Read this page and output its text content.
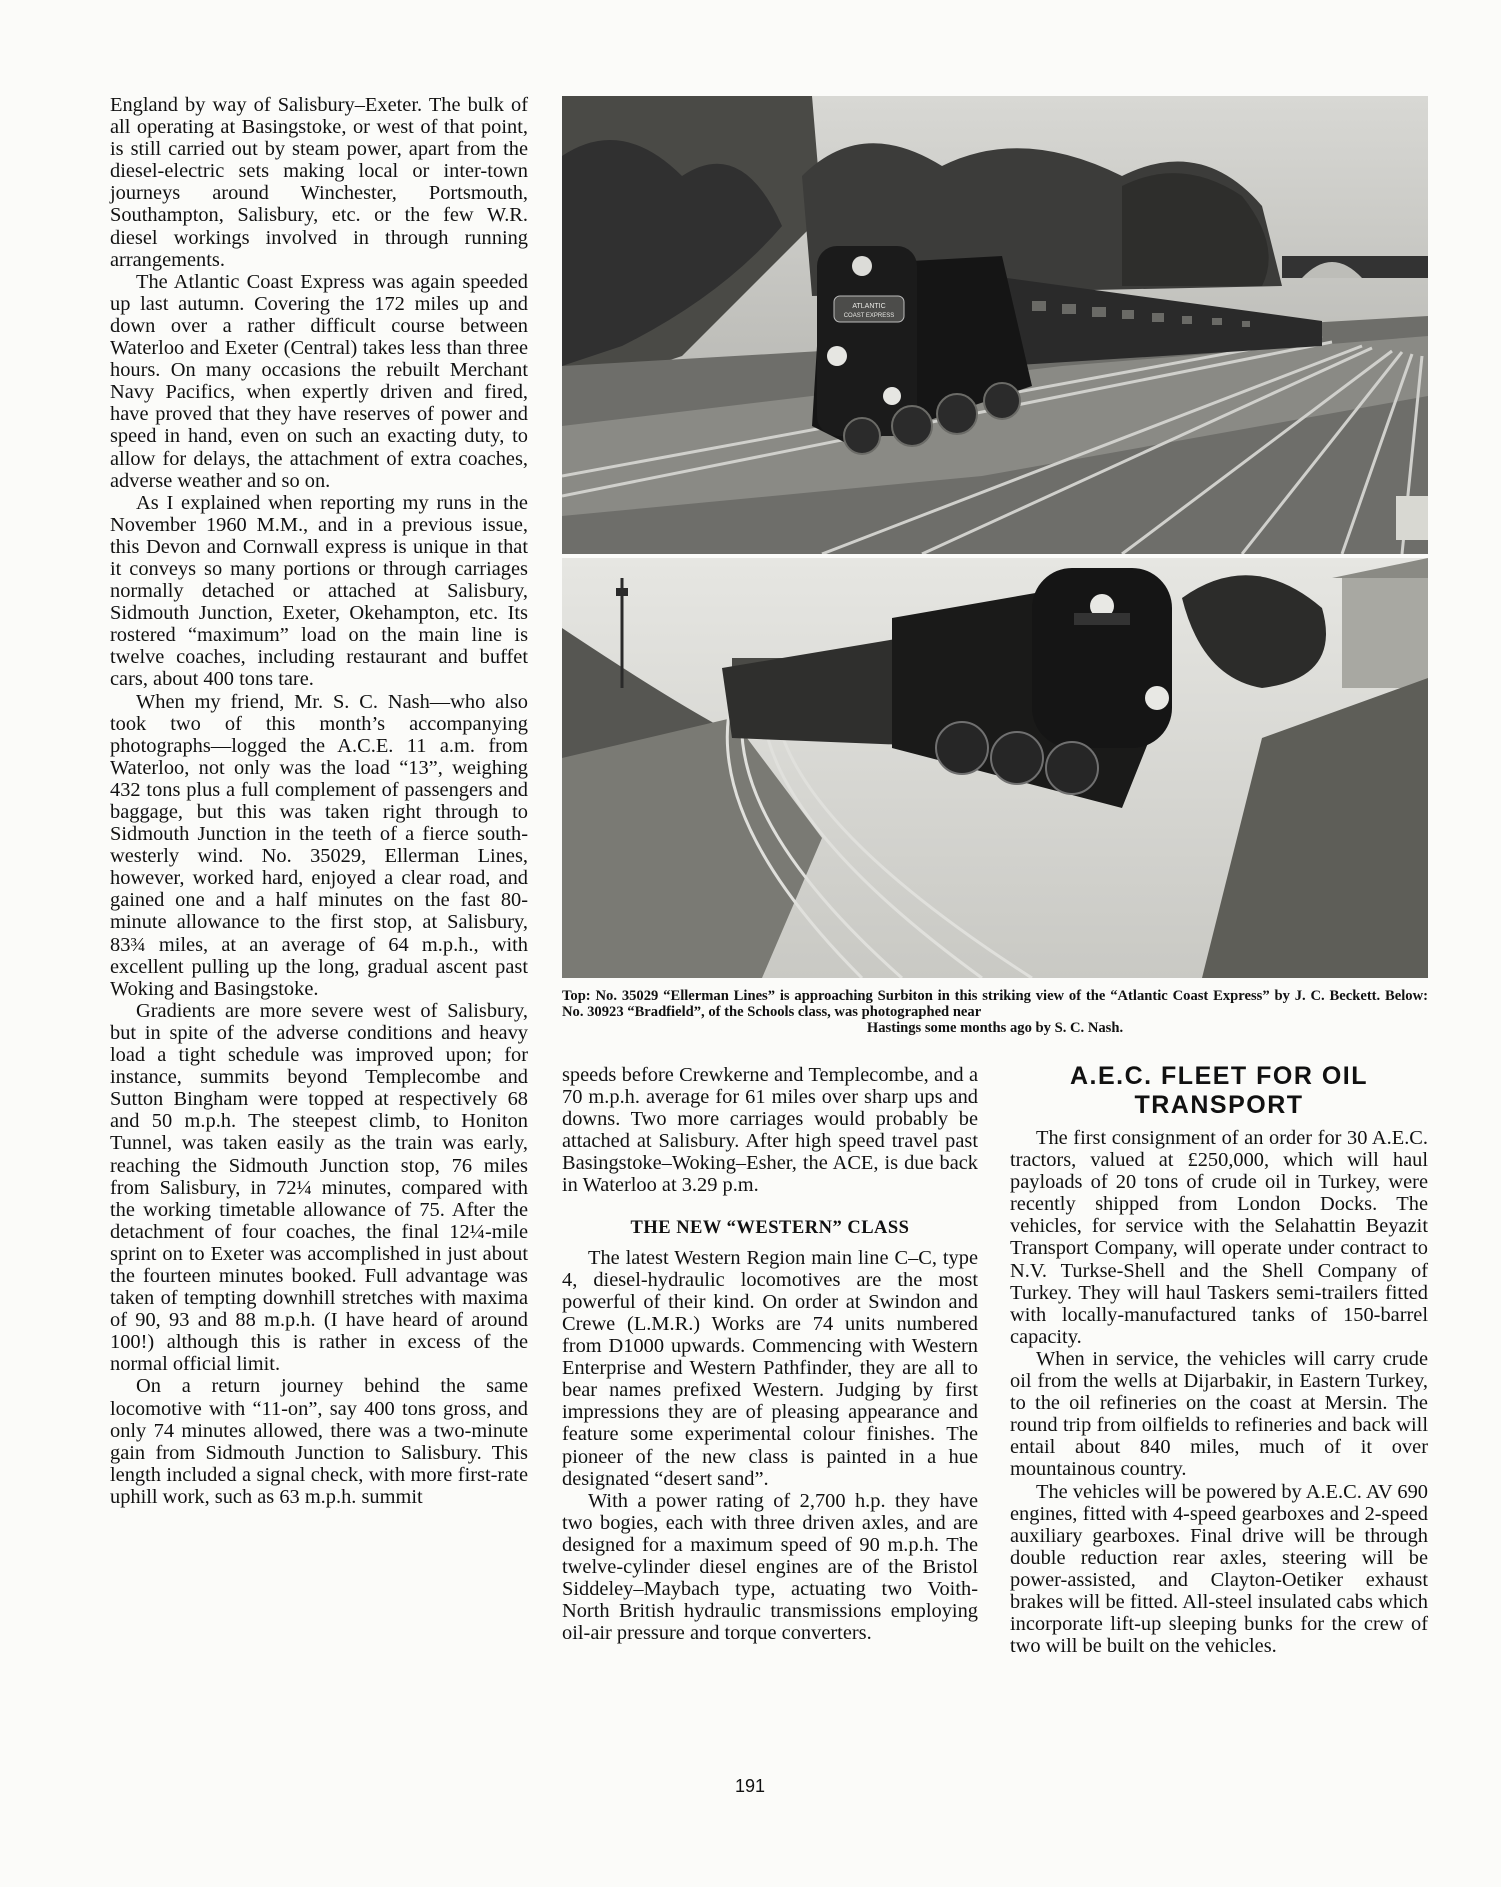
England by way of Salisbury–Exeter. The bulk of all operating at Basingstoke, or west of that point, is still carried out by steam power, apart from the diesel-electric sets making local or inter-town journeys around Winchester, Portsmouth, Southampton, Salisbury, etc. or the few W.R. diesel workings involved in through running arrangements.

The Atlantic Coast Express was again speeded up last autumn. Covering the 172 miles up and down over a rather difficult course between Waterloo and Exeter (Central) takes less than three hours. On many occasions the rebuilt Merchant Navy Pacifics, when expertly driven and fired, have proved that they have reserves of power and speed in hand, even on such an exacting duty, to allow for delays, the attachment of extra coaches, adverse weather and so on.

As I explained when reporting my runs in the November 1960 M.M., and in a previous issue, this Devon and Cornwall express is unique in that it conveys so many portions or through carriages normally detached or attached at Salisbury, Sidmouth Junction, Exeter, Okehampton, etc. Its rostered “maximum” load on the main line is twelve coaches, including restaurant and buffet cars, about 400 tons tare.

When my friend, Mr. S. C. Nash—who also took two of this month’s accompanying photographs—logged the A.C.E. 11 a.m. from Waterloo, not only was the load “13”, weighing 432 tons plus a full complement of passengers and baggage, but this was taken right through to Sidmouth Junction in the teeth of a fierce south-westerly wind. No. 35029, Ellerman Lines, however, worked hard, enjoyed a clear road, and gained one and a half minutes on the fast 80-minute allowance to the first stop, at Salisbury, 83¾ miles, at an average of 64 m.p.h., with excellent pulling up the long, gradual ascent past Woking and Basingstoke.

Gradients are more severe west of Salisbury, but in spite of the adverse conditions and heavy load a tight schedule was improved upon; for instance, summits beyond Templecombe and Sutton Bingham were topped at respectively 68 and 50 m.p.h. The steepest climb, to Honiton Tunnel, was taken easily as the train was early, reaching the Sidmouth Junction stop, 76 miles from Salisbury, in 72¼ minutes, compared with the working timetable allowance of 75. After the detachment of four coaches, the final 12¼-mile sprint on to Exeter was accomplished in just about the fourteen minutes booked. Full advantage was taken of tempting downhill stretches with maxima of 90, 93 and 88 m.p.h. (I have heard of around 100!) although this is rather in excess of the normal official limit.

On a return journey behind the same locomotive with “11-on”, say 400 tons gross, and only 74 minutes allowed, there was a two-minute gain from Sidmouth Junction to Salisbury. This length included a signal check, with more first-rate uphill work, such as 63 m.p.h. summit

ATLANTIC
COAST EXPRESS
Top: No. 35029 “Ellerman Lines” is approaching Surbiton in this striking view of the “Atlantic Coast Express” by J. C. Beckett. Below: No. 30923 “Bradfield”, of the Schools class, was photographed near
Hastings some months ago by S. C. Nash.

speeds before Crewkerne and Templecombe, and a 70 m.p.h. average for 61 miles over sharp ups and downs. Two more carriages would probably be attached at Salisbury. After high speed travel past Basingstoke–Woking–Esher, the ACE, is due back in Waterloo at 3.29 p.m.

THE NEW “WESTERN” CLASS

The latest Western Region main line C–C, type 4, diesel-hydraulic locomotives are the most powerful of their kind. On order at Swindon and Crewe (L.M.R.) Works are 74 units numbered from D1000 upwards. Commencing with Western Enterprise and Western Pathfinder, they are all to bear names prefixed Western. Judging by first impressions they are of pleasing appearance and feature some experimental colour finishes. The pioneer of the new class is painted in a hue designated “desert sand”.

With a power rating of 2,700 h.p. they have two bogies, each with three driven axles, and are designed for a maximum speed of 90 m.p.h. The twelve-cylinder diesel engines are of the Bristol Siddeley–Maybach type, actuating two Voith-North British hydraulic transmissions employing oil-air pressure and torque converters.

A.E.C. FLEET FOR OIL TRANSPORT

The first consignment of an order for 30 A.E.C. tractors, valued at £250,000, which will haul payloads of 20 tons of crude oil in Turkey, were recently shipped from London Docks. The vehicles, for service with the Selahattin Beyazit Transport Company, will operate under contract to N.V. Turkse-Shell and the Shell Company of Turkey. They will haul Taskers semi-trailers fitted with locally-manufactured tanks of 150-barrel capacity.

When in service, the vehicles will carry crude oil from the wells at Dijarbakir, in Eastern Turkey, to the oil refineries on the coast at Mersin. The round trip from oilfields to refineries and back will entail about 840 miles, much of it over mountainous country.

The vehicles will be powered by A.E.C. AV 690 engines, fitted with 4-speed gearboxes and 2-speed auxiliary gearboxes. Final drive will be through double reduction rear axles, steering will be power-assisted, and Clayton-Oetiker exhaust brakes will be fitted. All-steel insulated cabs which incorporate lift-up sleeping bunks for the crew of two will be built on the vehicles.

191
